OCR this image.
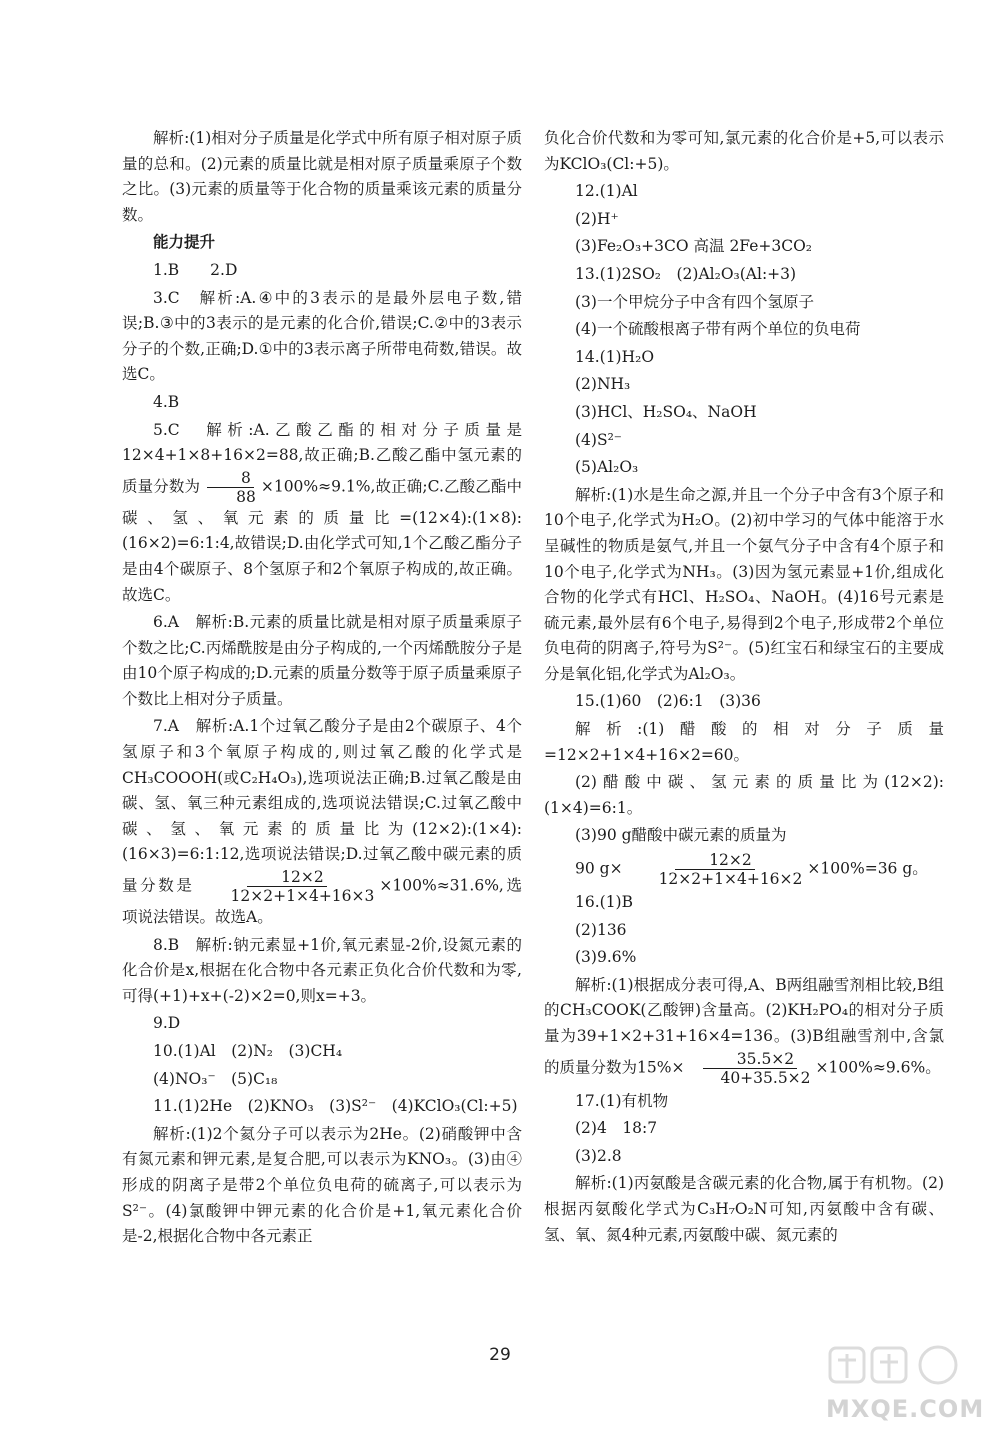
解析:(1)相对分子质量是化学式中所有原子相对原子质量的总和。(2)元素的质量比就是相对原子质量乘原子个数之比。(3)元素的质量等于化合物的质量乘该元素的质量分数。

能力提升

1.B　　2.D

3.C　解析:A.④中的3表示的是最外层电子数,错误;B.③中的3表示的是元素的化合价,错误;C.②中的3表示分子的个数,正确;D.①中的3表示离子所带电荷数,错误。故选C。

4.B

5.C　解析:A.乙酸乙酯的相对分子质量是12×4+1×8+16×2=88,故正确;B.乙酸乙酯中氢元素的质量分数为 $\frac{8}{88} \times 100\%\approx 9.1\%$,故正确;C.乙酸乙酯中碳、氢、氧元素的质量比=(12×4):(1×8):(16×2)=6:1:4,故错误;D.由化学式可知,1个乙酸乙酯分子是由4个碳原子、8个氢原子和2个氧原子构成的,故正确。故选C。

6.A　解析:B.元素的质量比就是相对原子质量乘原子个数之比;C.丙烯酰胺是由分子构成的,一个丙烯酰胺分子是由10个原子构成的;D.元素的质量分数等于原子质量乘原子个数比上相对分子质量。

7.A　解析:A.1个过氧乙酸分子是由2个碳原子、4个氢原子和3个氧原子构成的,则过氧乙酸的化学式是CH₃COOOH(或C₂H₄O₃),选项说法正确;B.过氧乙酸是由碳、氢、氧三种元素组成的,选项说法错误;C.过氧乙酸中碳、氢、氧元素的质量比为(12×2):(1×4):(16×3)=6:1:12,选项说法错误;D.过氧乙酸中碳元素的质量分数是 $\frac{12\times 2}{12\times 2+1\times 4+16\times 3} \times 100\%\approx 31.6\%$,选项说法错误。故选A。

8.B　解析:钠元素显+1价,氧元素显-2价,设氮元素的化合价是x,根据在化合物中各元素正负化合价代数和为零,可得(+1)+x+(-2)×2=0,则x=+3。

9.D

10.(1)Al　(2)N₂　(3)CH₄

(4)NO₃⁻　(5)C₁₈

11.(1)2He　(2)KNO₃　(3)S²⁻　(4)KClO₃(Cl:+5)

解析:(1)2个氦分子可以表示为2He。(2)硝酸钾中含有氮元素和钾元素,是复合肥,可以表示为KNO₃。(3)由④形成的阴离子是带2个单位负电荷的硫离子,可以表示为S²⁻。(4)氯酸钾中钾元素的化合价是+1,氧元素化合价是-2,根据化合物中各元素正

负化合价代数和为零可知,氯元素的化合价是+5,可以表示为KClO₃(Cl:+5)。

12.(1)Al

(2)H⁺

(3)Fe₂O₃+3CO 高温 2Fe+3CO₂

13.(1)2SO₂　(2)Al₂O₃(Al:+3)

(3)一个甲烷分子中含有四个氢原子

(4)一个硫酸根离子带有两个单位的负电荷

14.(1)H₂O

(2)NH₃

(3)HCl、H₂SO₄、NaOH

(4)S²⁻

(5)Al₂O₃

解析:(1)水是生命之源,并且一个分子中含有3个原子和10个电子,化学式为H₂O。(2)初中学习的气体中能溶于水呈碱性的物质是氨气,并且一个氨气分子中含有4个原子和10个电子,化学式为NH₃。(3)因为氢元素显+1价,组成化合物的化学式有HCl、H₂SO₄、NaOH。(4)16号元素是硫元素,最外层有6个电子,易得到2个电子,形成带2个单位负电荷的阴离子,符号为S²⁻。(5)红宝石和绿宝石的主要成分是氧化铝,化学式为Al₂O₃。

15.(1)60　(2)6:1　(3)36

解析:(1)醋酸的相对分子质量=12×2+1×4+16×2=60。

(2)醋酸中碳、氢元素的质量比为(12×2):(1×4)=6:1。

(3)90 g醋酸中碳元素的质量为

90 $g\times \frac{12\times 2}{12\times 2+1\times 4+16\times 2} \times 100\%=36$ g。

16.(1)B

(2)136

(3)9.6%

解析:(1)根据成分表可得,A、B两组融雪剂相比较,B组的CH₃COOK(乙酸钾)含量高。(2)KH₂PO₄的相对分子质量为39+1×2+31+16×4=136。(3)B组融雪剂中,含氯的质量分数为$15\%\times \frac{35.5\times 2}{40+35.5\times 2} \times 100\%\approx 9.6\%$。

17.(1)有机物

(2)4　18:7

(3)2.8

解析:(1)丙氨酸是含碳元素的化合物,属于有机物。(2)根据丙氨酸化学式为C₃H₇O₂N可知,丙氨酸中含有碳、氢、氧、氮4种元素,丙氨酸中碳、氮元素的

29
MXQE.COM
